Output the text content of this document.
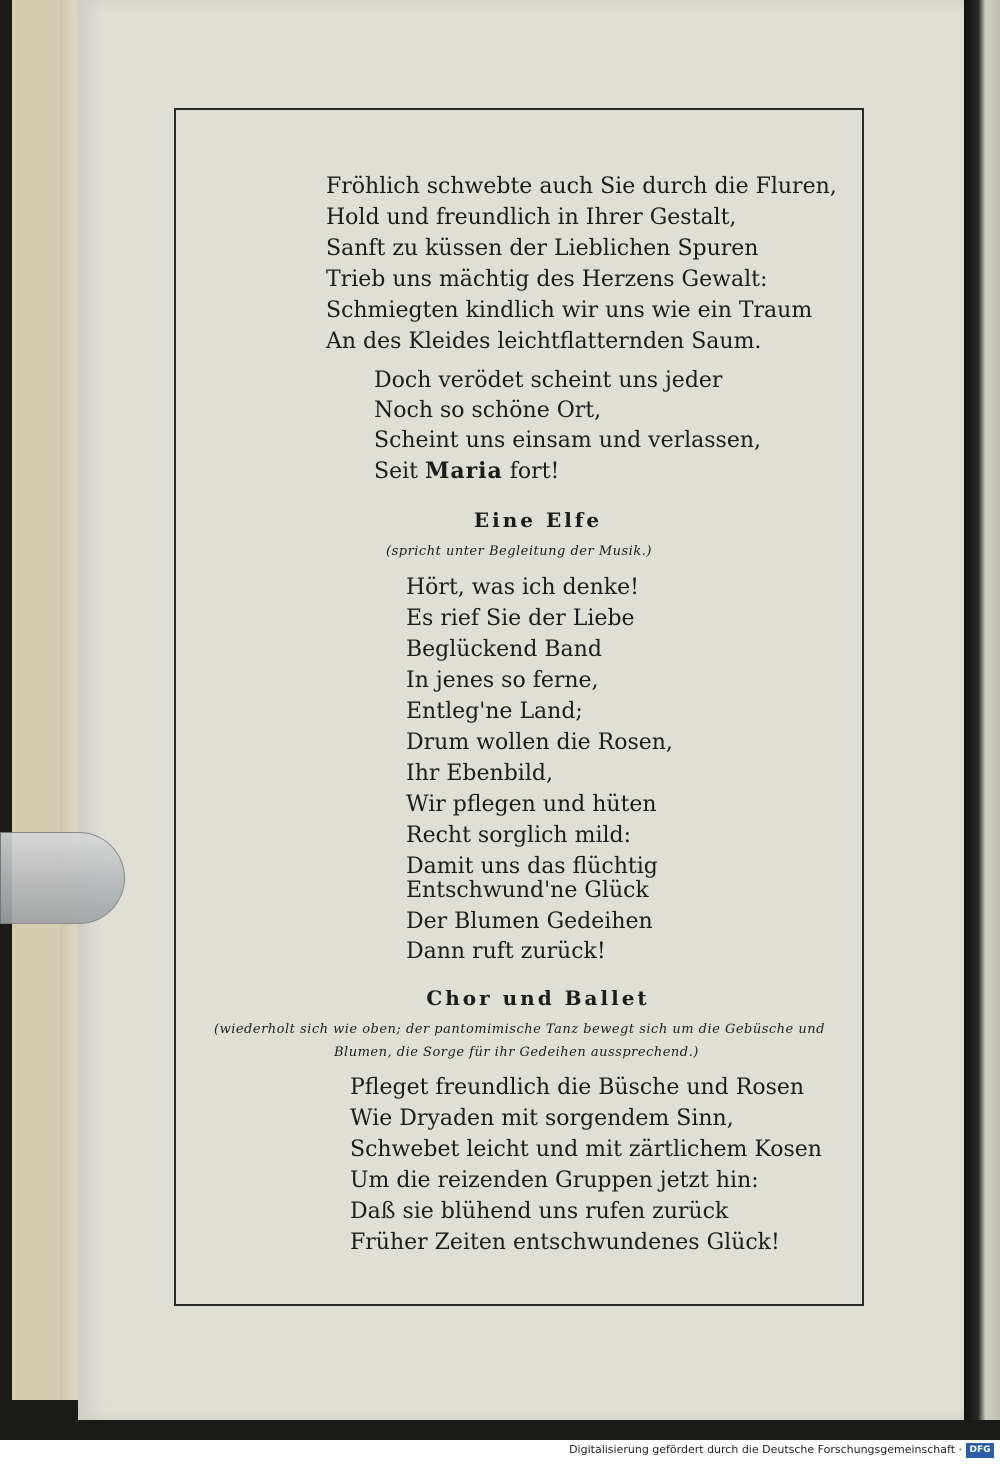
Fröhlich schwebte auch Sie durch die Fluren,
Hold und freundlich in Ihrer Gestalt,
Sanft zu küssen der Lieblichen Spuren
Trieb uns mächtig des Herzens Gewalt:
Schmiegten kindlich wir uns wie ein Traum
An des Kleides leichtflatternden Saum.
Doch verödet scheint uns jeder
Noch so schöne Ort,
Scheint uns einsam und verlassen,
Seit Maria fort!
Eine Elfe
(spricht unter Begleitung der Musik.)
Hört, was ich denke!
Es rief Sie der Liebe
Beglückend Band
In jenes so ferne,
Entleg'ne Land;
Drum wollen die Rosen,
Ihr Ebenbild,
Wir pflegen und hüten
Recht sorglich mild:
Damit uns das flüchtig
Entschwund'ne Glück
Der Blumen Gedeihen
Dann ruft zurück!
Chor und Ballet
(wiederholt sich wie oben; der pantomimische Tanz bewegt sich um die Gebüsche und
Blumen, die Sorge für ihr Gedeihen aussprechend.)
Pfleget freundlich die Büsche und Rosen
Wie Dryaden mit sorgendem Sinn,
Schwebet leicht und mit zärtlichem Kosen
Um die reizenden Gruppen jetzt hin:
Daß sie blühend uns rufen zurück
Früher Zeiten entschwundenes Glück!
Digitalisierung gefördert durch die Deutsche Forschungsgemeinschaft · DFG
